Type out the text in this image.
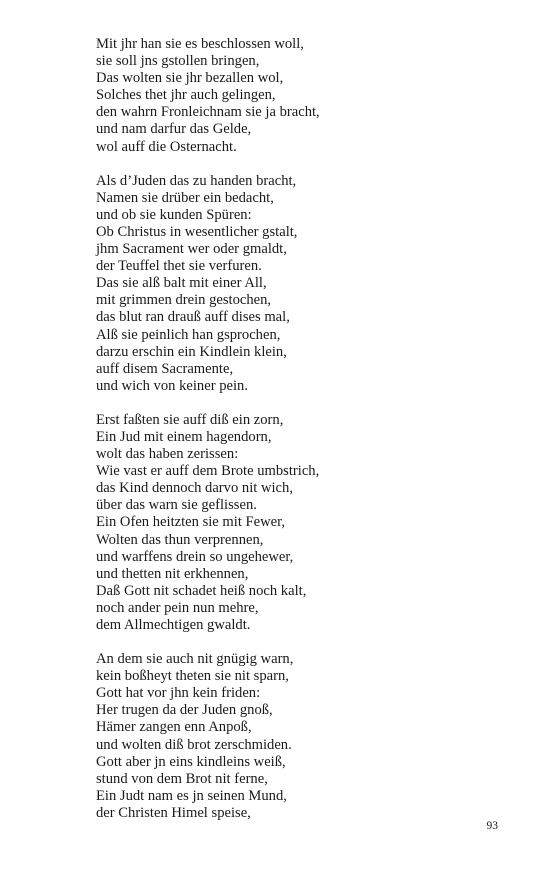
Mit jhr han sie es beschlossen woll,
sie soll jns gstollen bringen,
Das wolten sie jhr bezallen wol,
Solches thet jhr auch gelingen,
den wahrn Fronleichnam sie ja bracht,
und nam darfur das Gelde,
wol auff die Osternacht.
Als d’Juden das zu handen bracht,
Namen sie drüber ein bedacht,
und ob sie kunden Spüren:
Ob Christus in wesentlicher gstalt,
jhm Sacrament wer oder gmaldt,
der Teuffel thet sie verfuren.
Das sie alß balt mit einer All,
mit grimmen drein gestochen,
das blut ran drauß auff dises mal,
Alß sie peinlich han gsprochen,
darzu erschin ein Kindlein klein,
auff disem Sacramente,
und wich von keiner pein.
Erst faßten sie auff diß ein zorn,
Ein Jud mit einem hagendorn,
wolt das haben zerissen:
Wie vast er auff dem Brote umbstrich,
das Kind dennoch darvo nit wich,
über das warn sie geflissen.
Ein Ofen heitzten sie mit Fewer,
Wolten das thun verprennen,
und warffens drein so ungehewer,
und thetten nit erkhennen,
Daß Gott nit schadet heiß noch kalt,
noch ander pein nun mehre,
dem Allmechtigen gwaldt.
An dem sie auch nit gnügig warn,
kein boßheyt theten sie nit sparn,
Gott hat vor jhn kein friden:
Her trugen da der Juden gnoß,
Hämer zangen enn Anpoß,
und wolten diß brot zerschmiden.
Gott aber jn eins kindleins weiß,
stund von dem Brot nit ferne,
Ein Judt nam es jn seinen Mund,
der Christen Himel speise,
93
